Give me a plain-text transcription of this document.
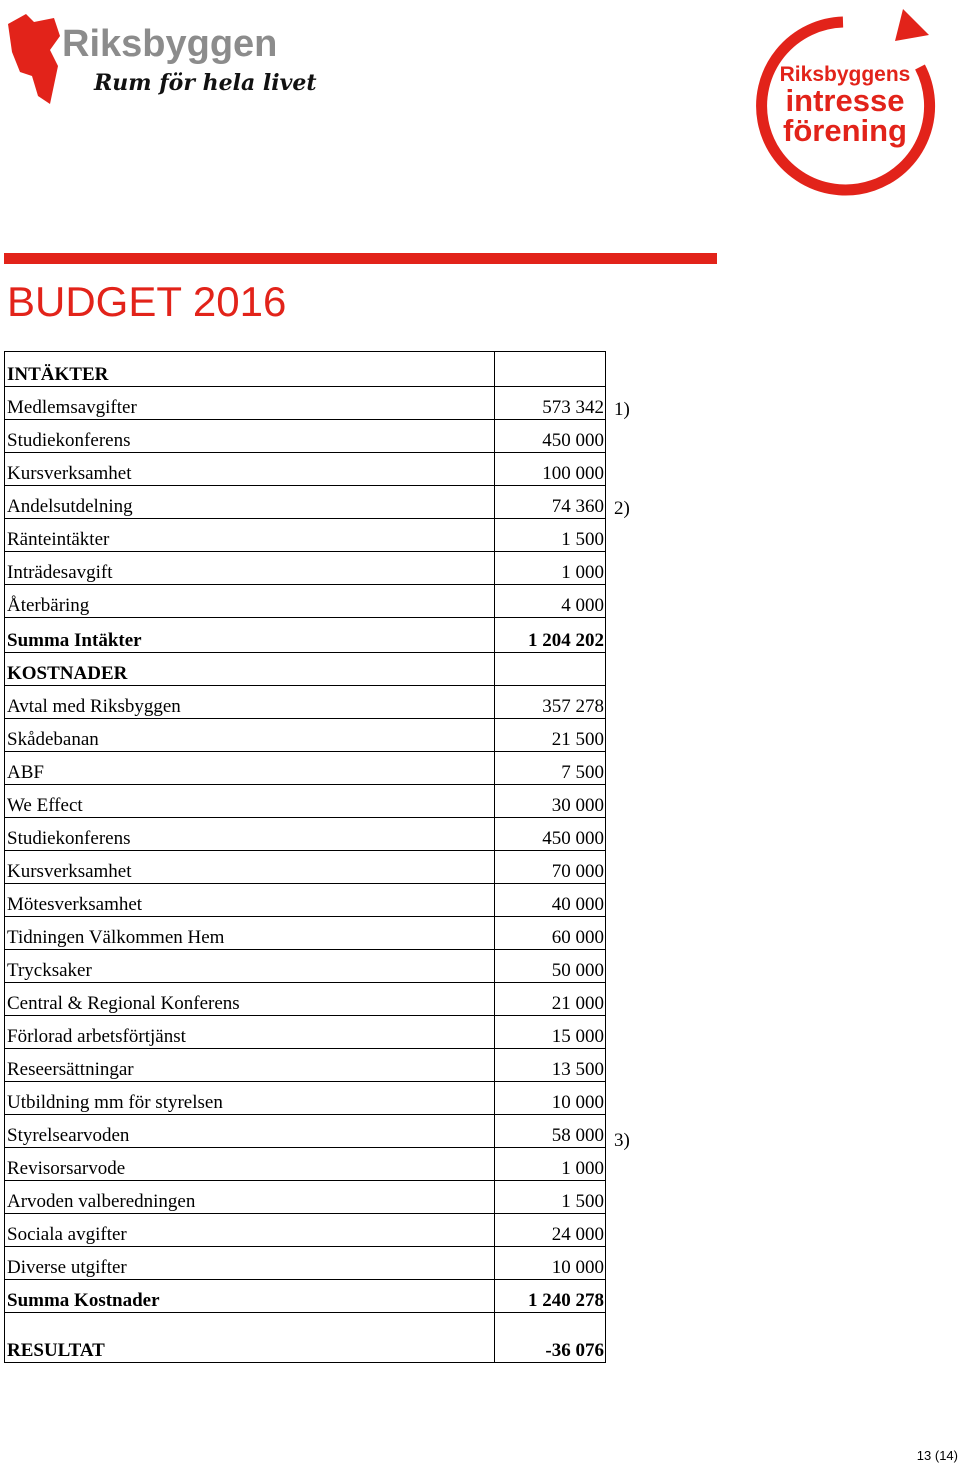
Riksbyggen
Rum för hela livet	Riksbyggens
intresse
förening
BUDGET 2016
INTÄKTER	
Medlemsavgifter	573 342
Studiekonferens	450 000
Kursverksamhet	100 000
Andelsutdelning	74 360
Ränteintäkter	1 500
Inträdesavgift	1 000
Återbäring	4 000
Summa Intäkter	1 204 202
KOSTNADER	
Avtal med Riksbyggen	357 278
Skådebanan	21 500
ABF	7 500
We Effect	30 000
Studiekonferens	450 000
Kursverksamhet	70 000
Mötesverksamhet	40 000
Tidningen Välkommen Hem	60 000
Trycksaker	50 000
Central & Regional Konferens	21 000
Förlorad arbetsförtjänst	15 000
Reseersättningar	13 500
Utbildning mm för styrelsen	10 000
Styrelsearvoden	58 000
Revisorsarvode	1 000
Arvoden valberedningen	1 500
Sociala avgifter	24 000
Diverse utgifter	10 000
Summa Kostnader	1 240 278
RESULTAT	-36 076
1)
2)
3)
13 (14)
